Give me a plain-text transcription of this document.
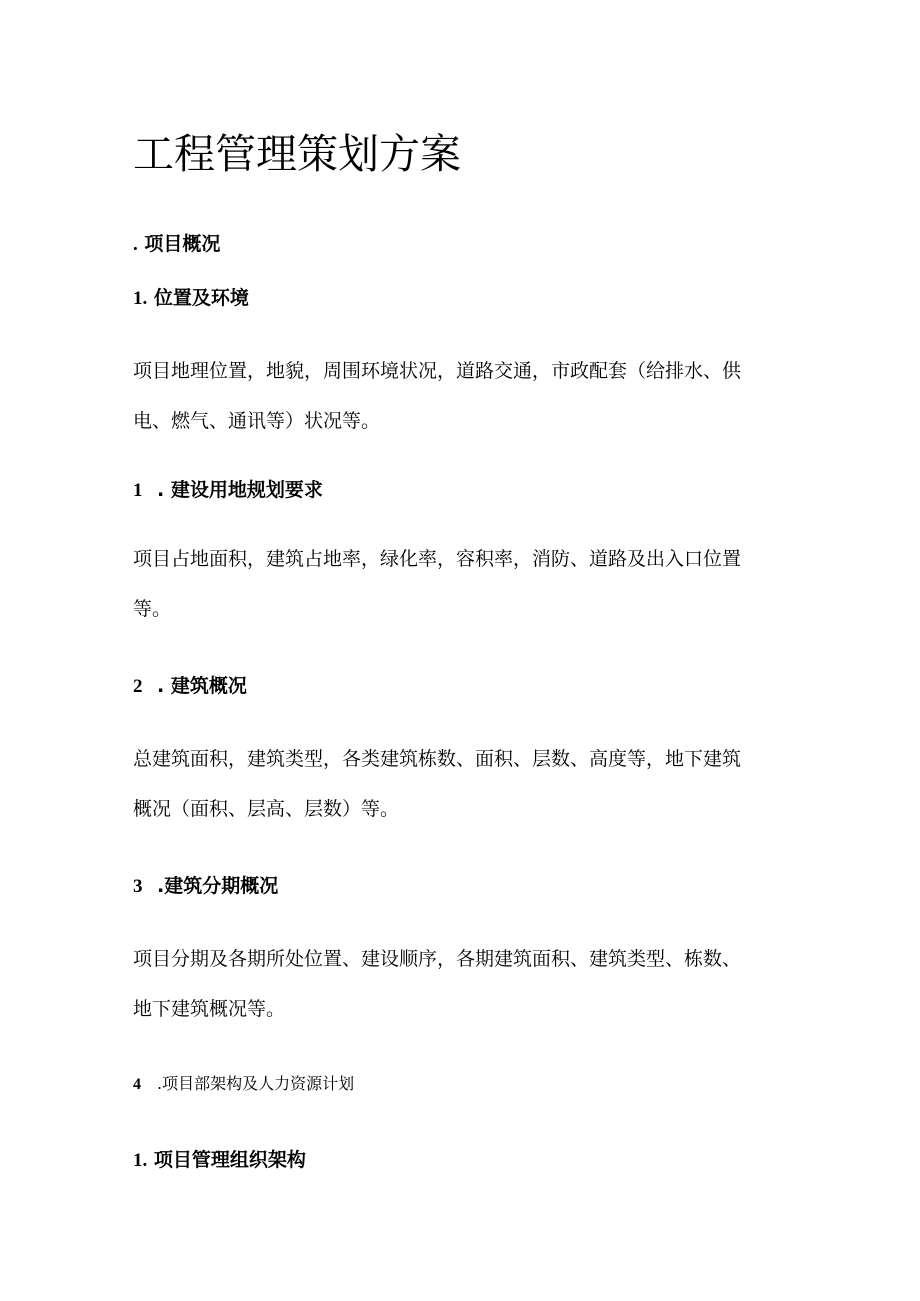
工程管理策划方案
. 项目概况
1. 位置及环境
项目地理位置，地貌，周围环境状况，道路交通，市政配套（给排水、供
电、燃气、通讯等）状况等。
1 . 建设用地规划要求
项目占地面积，建筑占地率，绿化率，容积率，消防、道路及出入口位置
等。
2 . 建筑概况
总建筑面积，建筑类型，各类建筑栋数、面积、层数、高度等，地下建筑
概况（面积、层高、层数）等。
3 .建筑分期概况
项目分期及各期所处位置、建设顺序，各期建筑面积、建筑类型、栋数、
地下建筑概况等。
4 .项目部架构及人力资源计划
1. 项目管理组织架构
